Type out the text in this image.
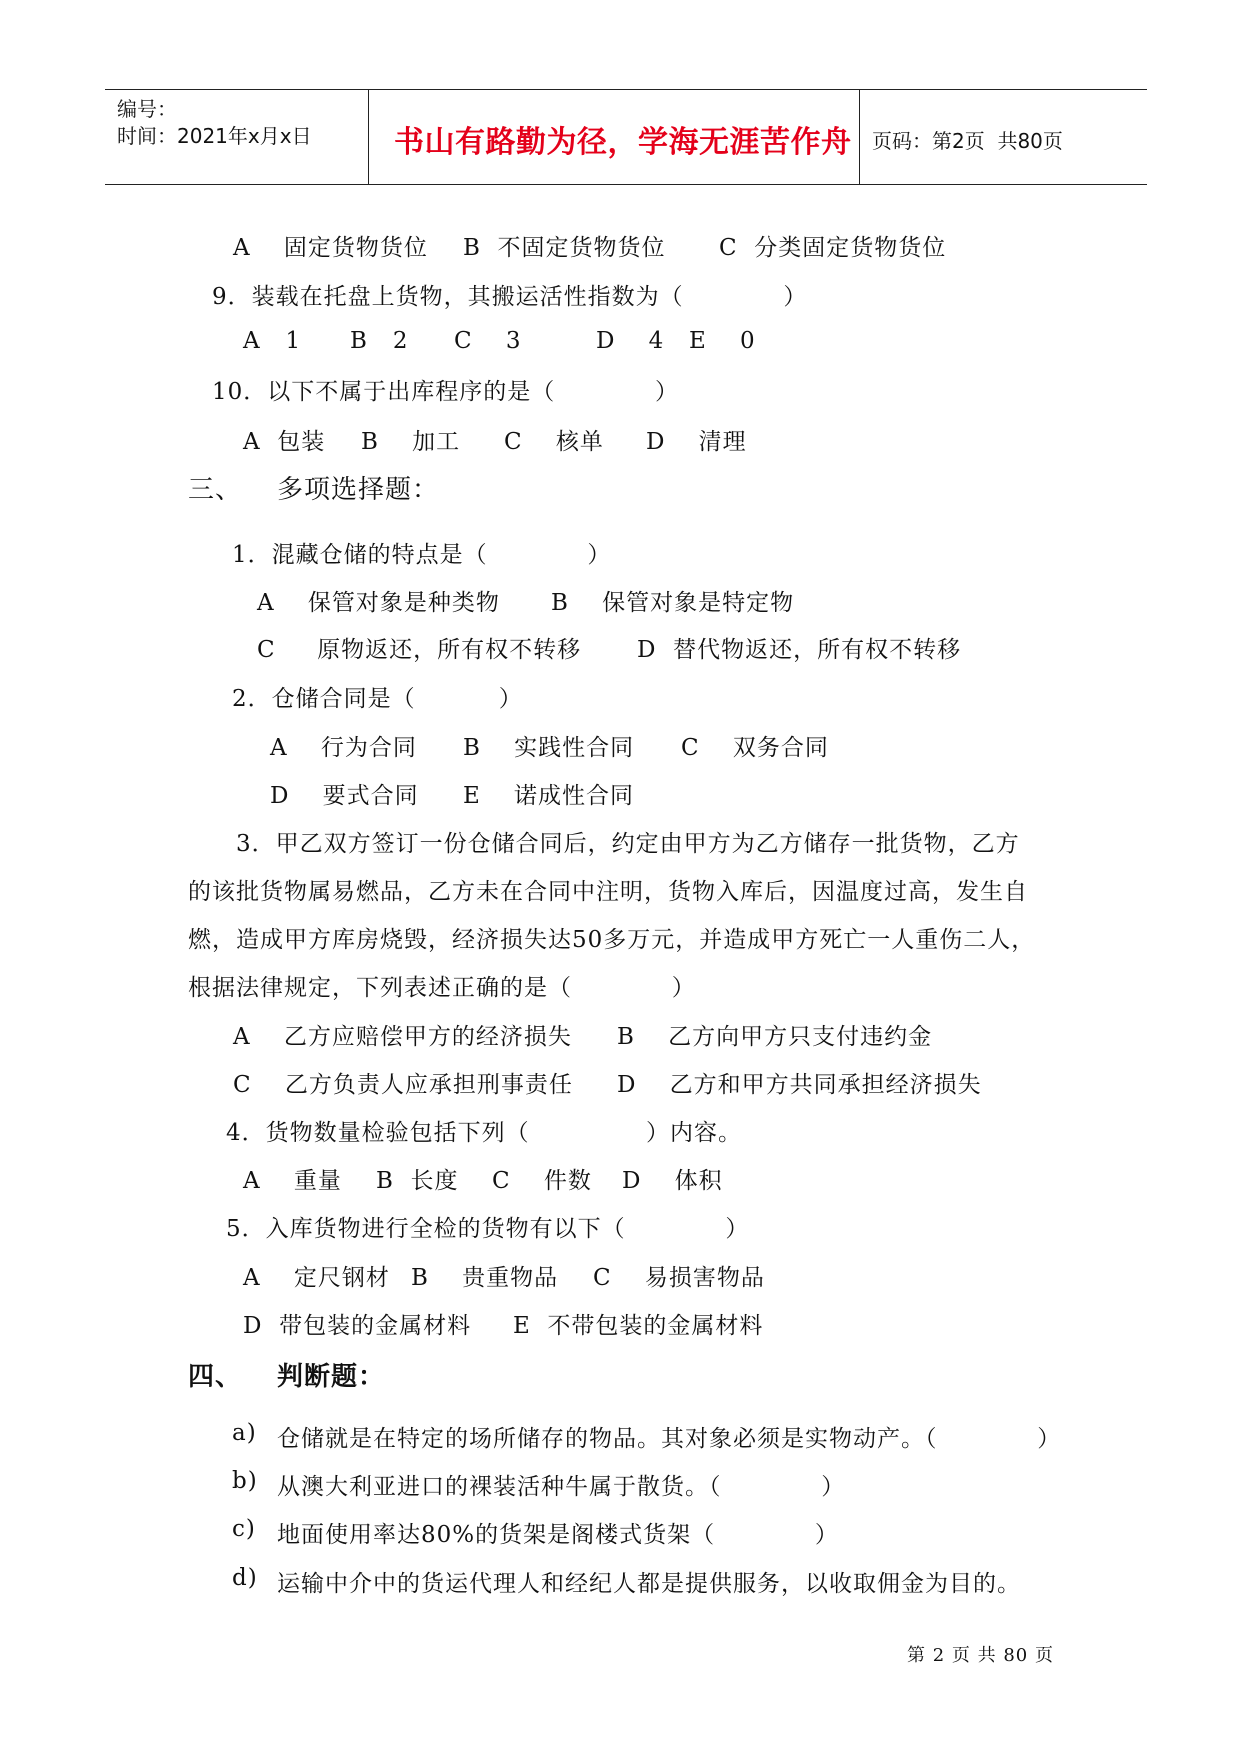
编号：
时间：2021年x月x日	书山有路勤为径，学海无涯苦作舟 页码：第2页  共80页
A    固定货物货位 B  不固定货物货位 C  分类固定货物货位
9．装载在托盘上货物，其搬运活性指数为（            ）
A   1 B   2 C    3	D    4 E    0
10．以下不属于出库程序的是（            ）
A  包装 B    加工 C    核单 D    清理
三、 多项选择题：
1．混藏仓储的特点是（            ）
A    保管对象是种类物 B    保管对象是特定物
C     原物返还，所有权不转移 D  替代物返还，所有权不转移
2．仓储合同是（          ）
A    行为合同 B    实践性合同 C    双务合同
D    要式合同 E    诺成性合同
3．甲乙双方签订一份仓储合同后，约定由甲方为乙方储存一批货物，乙方
的该批货物属易燃品，乙方未在合同中注明，货物入库后，因温度过高，发生自
燃，造成甲方库房烧毁，经济损失达50多万元，并造成甲方死亡一人重伤二人，
根据法律规定，下列表述正确的是（            ）
A    乙方应赔偿甲方的经济损失 B    乙方向甲方只支付违约金
C    乙方负责人应承担刑事责任 D    乙方和甲方共同承担经济损失
4．货物数量检验包括下列（              ）内容。
A    重量 B  长度 C    件数 D    体积
5．入库货物进行全检的货物有以下（            ）
A    定尺钢材 B    贵重物品 C    易损害物品
D  带包装的金属材料 E  不带包装的金属材料
四、 判断题：
a) 仓储就是在特定的场所储存的物品。其对象必须是实物动产。（            ）
b) 从澳大利亚进口的裸装活种牛属于散货。（            ）
c) 地面使用率达80%的货架是阁楼式货架（            ）
d) 运输中介中的货运代理人和经纪人都是提供服务，以收取佣金为目的。
第 2 页 共 80 页
